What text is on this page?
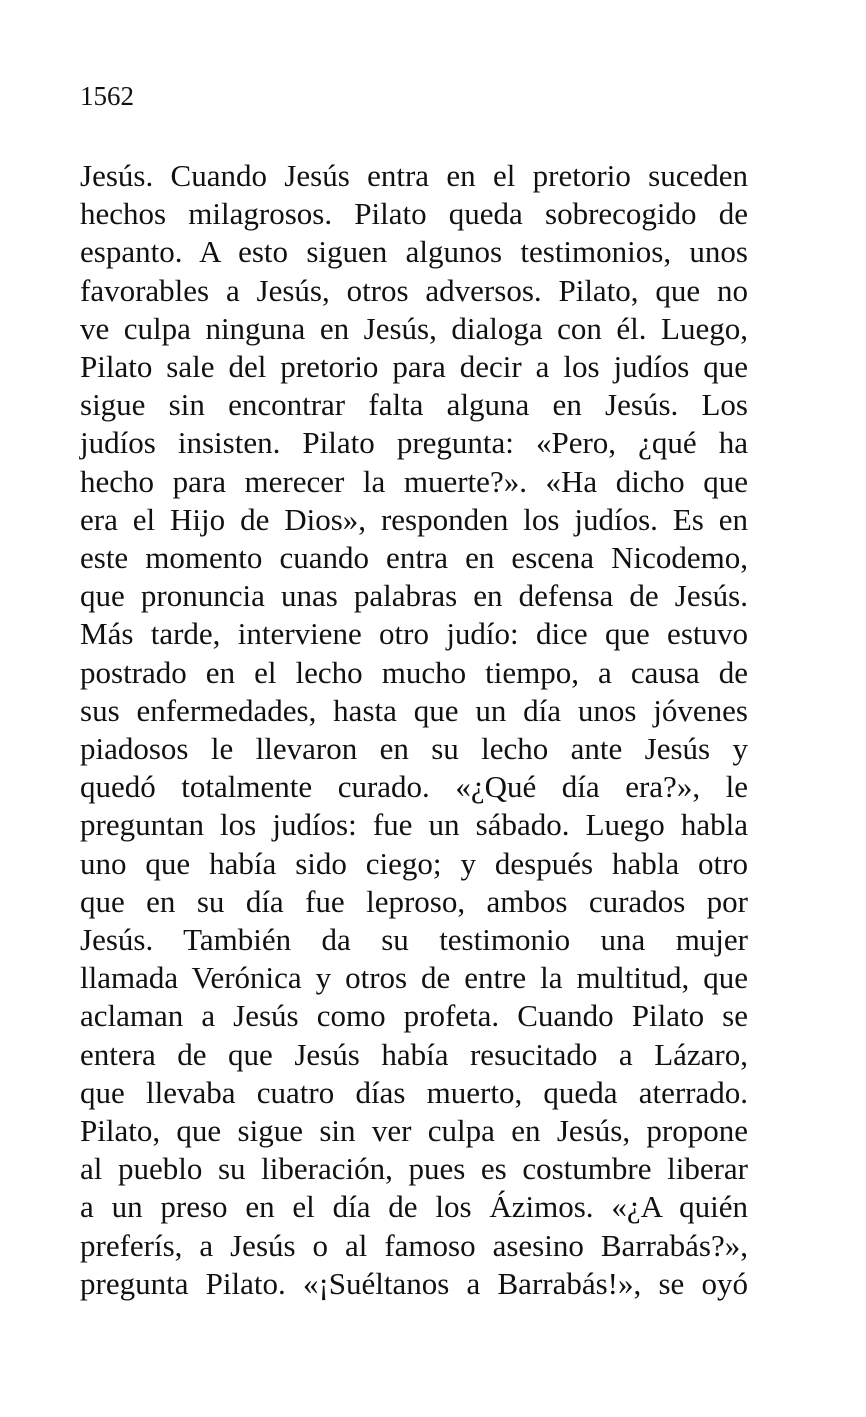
1562

Jesús. Cuando Jesús entra en el pretorio suceden
hechos milagrosos. Pilato queda sobrecogido de
espanto. A esto siguen algunos testimonios, unos
favorables a Jesús, otros adversos. Pilato, que no
ve culpa ninguna en Jesús, dialoga con él. Luego,
Pilato sale del pretorio para decir a los judíos que
sigue sin encontrar falta alguna en Jesús. Los
judíos insisten. Pilato pregunta: «Pero, ¿qué ha
hecho para merecer la muerte?». «Ha dicho que
era el Hijo de Dios», responden los judíos. Es en
este momento cuando entra en escena Nicodemo,
que pronuncia unas palabras en defensa de Jesús.
Más tarde, interviene otro judío: dice que estuvo
postrado en el lecho mucho tiempo, a causa de
sus enfermedades, hasta que un día unos jóvenes
piadosos le llevaron en su lecho ante Jesús y
quedó totalmente curado. «¿Qué día era?», le
preguntan los judíos: fue un sábado. Luego habla
uno que había sido ciego; y después habla otro
que en su día fue leproso, ambos curados por
Jesús. También da su testimonio una mujer
llamada Verónica y otros de entre la multitud, que
aclaman a Jesús como profeta. Cuando Pilato se
entera de que Jesús había resucitado a Lázaro,
que llevaba cuatro días muerto, queda aterrado.
Pilato, que sigue sin ver culpa en Jesús, propone
al pueblo su liberación, pues es costumbre liberar
a un preso en el día de los Ázimos. «¿A quién
preferís, a Jesús o al famoso asesino Barrabás?»,
pregunta Pilato. «¡Suéltanos a Barrabás!», se oyó
